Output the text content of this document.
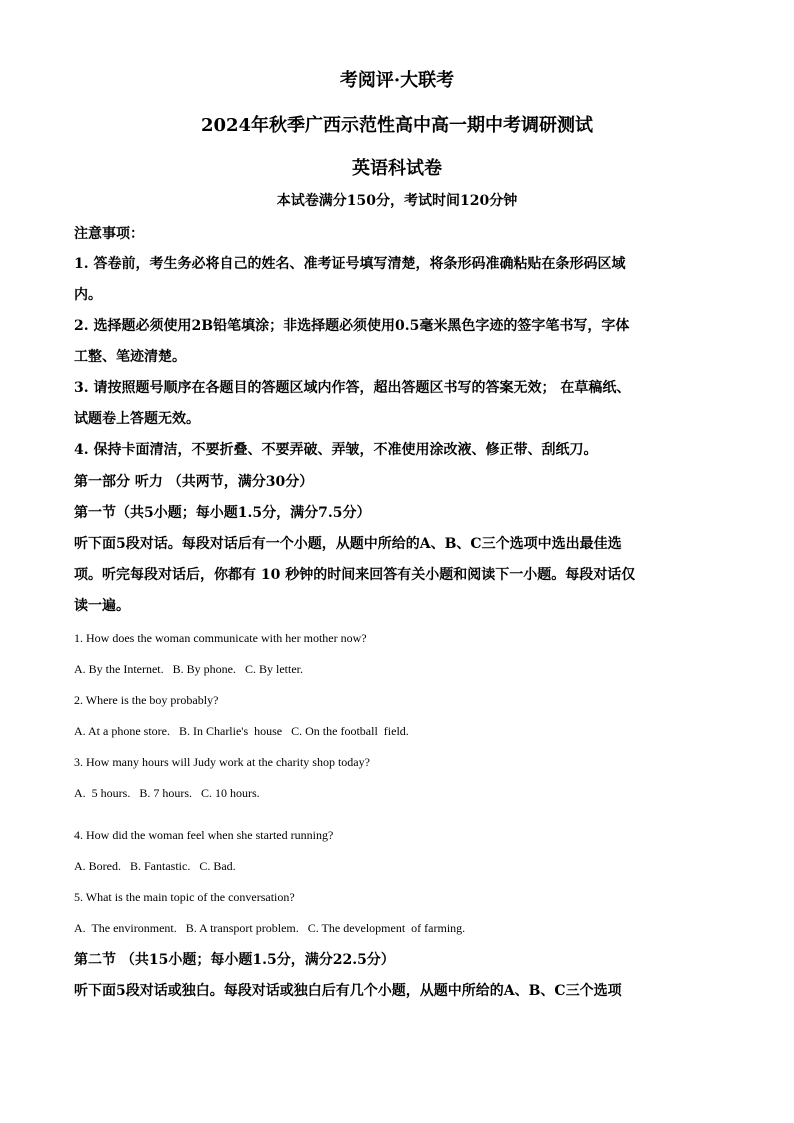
考阅评·大联考
2024年秋季广西示范性高中高一期中考调研测试
英语科试卷
本试卷满分150分，考试时间120分钟
注意事项：
1. 答卷前，考生务必将自己的姓名、准考证号填写清楚，将条形码准确粘贴在条形码区域
内。
2. 选择题必须使用2B铅笔填涂；非选择题必须使用0.5毫米黑色字迹的签字笔书写，字体
工整、笔迹清楚。
3. 请按照题号顺序在各题目的答题区域内作答，超出答题区书写的答案无效； 在草稿纸、
试题卷上答题无效。
4. 保持卡面清洁，不要折叠、不要弄破、弄皱，不准使用涂改液、修正带、刮纸刀。
第一部分 听力 （共两节，满分30分）
第一节（共5小题；每小题1.5分，满分7.5分）
听下面5段对话。每段对话后有一个小题，从题中所给的A、B、C三个选项中选出最佳选
项。听完每段对话后，你都有 10 秒钟的时间来回答有关小题和阅读下一小题。每段对话仅
读一遍。
1. How does the woman communicate with her mother now?
A. By the Internet.   B. By phone.   C. By letter.
2. Where is the boy probably?
A. At a phone store.   B. In Charlie's  house   C. On the football  field.
3. How many hours will Judy work at the charity shop today?
A.  5 hours.   B. 7 hours.   C. 10 hours.
4. How did the woman feel when she started running?
A. Bored.   B. Fantastic.   C. Bad.
5. What is the main topic of the conversation?
A.  The environment.   B. A transport problem.   C. The development  of farming.
第二节 （共15小题；每小题1.5分，满分22.5分）
听下面5段对话或独白。每段对话或独白后有几个小题，从题中所给的A、B、C三个选项
